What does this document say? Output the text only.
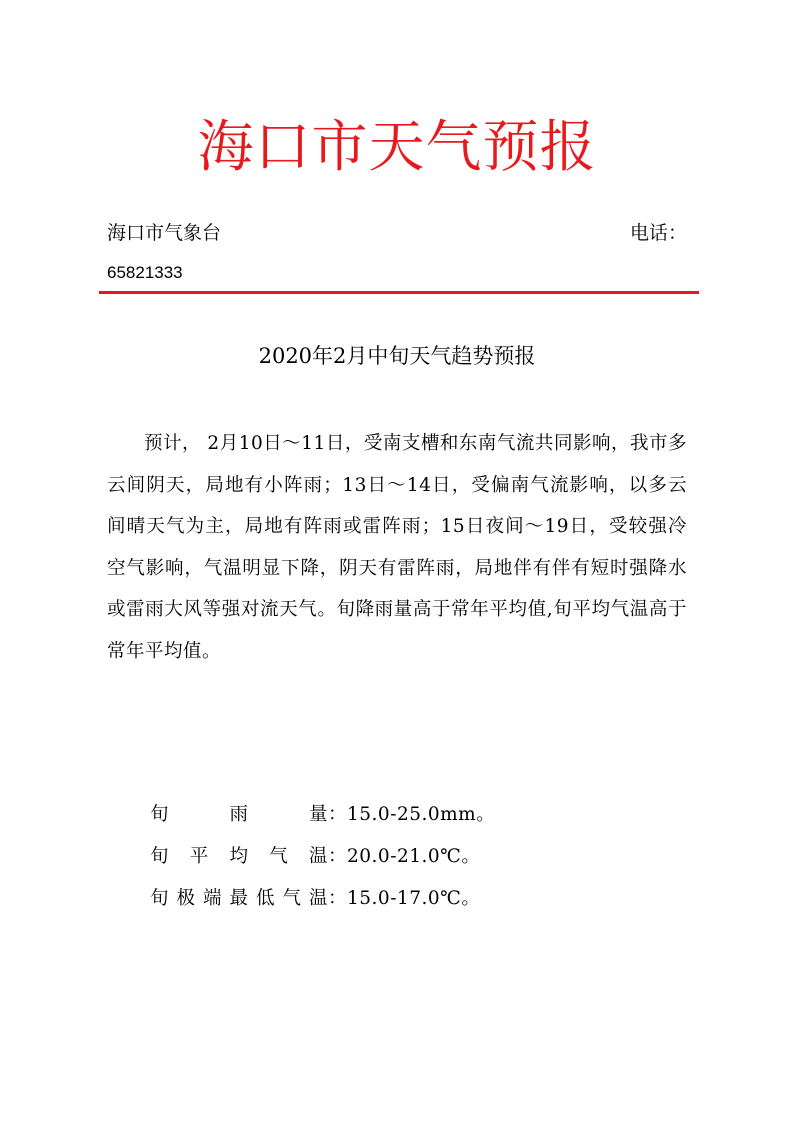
海口市天气预报
海口市气象台	电话：
65821333
2020年2月中旬天气趋势预报
预计， 2月10日～11日，受南支槽和东南气流共同影响，我市多云间阴天，局地有小阵雨；13日～14日，受偏南气流影响，以多云间晴天气为主，局地有阵雨或雷阵雨；15日夜间～19日，受较强冷空气影响，气温明显下降，阴天有雷阵雨，局地伴有伴有短时强降水或雷雨大风等强对流天气。旬降雨量高于常年平均值,旬平均气温高于常年平均值。
旬雨量：15.0-25.0mm。
旬平均气温：20.0-21.0℃。
旬极端最低气温：15.0-17.0℃。
